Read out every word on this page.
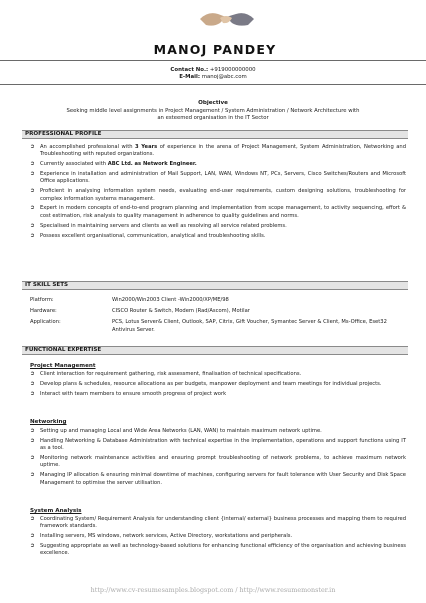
MANOJ PANDEY
Contact No.: +919000000000
E-Mail: manoj@abc.com
Objective
Seeking middle level assignments in Project Management / System Administration / Network Architecture with
an esteemed organisation in the IT Sector
PROFESSIONAL PROFILE
➲ An accomplished professional with 3 Years of experience in the arena of Project Management, System Administration, Networking and Troubleshooting with reputed organizations.
➲ Currently associated with ABC Ltd. as Network Engineer.
➲ Experience in installation and administration of Mail Support, LAN, WAN, Windows NT, PCs, Servers, Cisco Switches/Routers and Microsoft Office applications.
➲ Proficient in analysing information system needs, evaluating end-user requirements, custom designing solutions, troubleshooting for complex information systems management.
➲ Expert in modern concepts of end-to-end program planning and implementation from scope management, to activity sequencing, effort & cost estimation, risk analysis to quality management in adherence to quality guidelines and norms.
➲ Specialised in maintaining servers and clients as well as resolving all service related problems.
➲ Possess excellent organisational, communication, analytical and troubleshooting skills.
IT SKILL SETS
Platform:	Win2000/Win2003 Client -Win2000/XP/ME/98
Hardware:	CISCO Router & Switch, Modem (Rad/Ascom), Motilar
Application:	PCS, Lotus Server& Client, Outlook, SAP, Citrix, Gift Voucher, Symantec Server & Client, Ms-Office, Eset32 Antivirus Server.
FUNCTIONAL EXPERTISE
Project Management
➲ Client interaction for requirement gathering, risk assessment, finalisation of technical specifications.
➲ Develop plans & schedules, resource allocations as per budgets, manpower deployment and team meetings for individual projects.
➲ Interact with team members to ensure smooth progress of project work
Networking
➲ Setting up and managing Local and Wide Area Networks (LAN, WAN) to maintain maximum network uptime.
➲ Handling Networking & Database Administration with technical expertise in the implementation, operations and support functions using IT as a tool.
➲ Monitoring network maintenance activities and ensuring prompt troubleshooting of network problems, to achieve maximum network uptime.
➲ Managing IP allocation & ensuring minimal downtime of machines, configuring servers for fault tolerance with User Security and Disk Space Management to optimise the server utilisation.
System Analysis
➲ Coordinating System/ Requirement Analysis for understanding client {internal/ external} business processes and mapping them to required framework standards.
➲ Installing servers, MS windows, network services, Active Directory, workstations and peripherals.
➲ Suggesting appropriate as well as technology-based solutions for enhancing functional efficiency of the organisation and achieving business excellence.
http://www.cv-resumesamples.blogspot.com / http://www.resumemonster.in
